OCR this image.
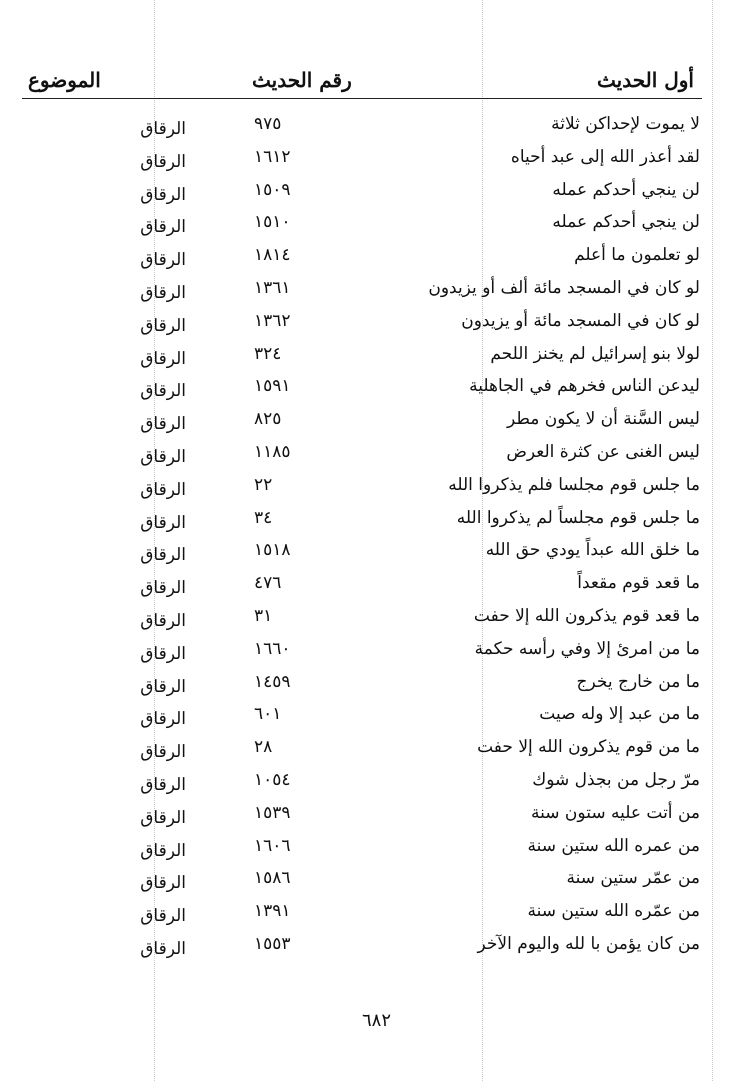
أول الحديث
رقم الحديث
الموضوع
لا يموت لإحداكن ثلاثة
٩٧٥
الرقاق
لقد أعذر الله إلى عبد أحياه
١٦١٢
الرقاق
لن ينجي أحدكم عمله
١٥٠٩
الرقاق
لن ينجي أحدكم عمله
١٥١٠
الرقاق
لو تعلمون ما أعلم
١٨١٤
الرقاق
لو كان في المسجد مائة ألف أو يزيدون
١٣٦١
الرقاق
لو كان في المسجد مائة أو يزيدون
١٣٦٢
الرقاق
لولا بنو إسرائيل لم يخنز اللحم
٣٢٤
الرقاق
ليدعن الناس فخرهم في الجاهلية
١٥٩١
الرقاق
ليس السَّنة أن لا يكون مطر
٨٢٥
الرقاق
ليس الغنى عن كثرة العرض
١١٨٥
الرقاق
ما جلس قوم مجلسا فلم يذكروا الله
٢٢
الرقاق
ما جلس قوم مجلساً لم يذكروا الله
٣٤
الرقاق
ما خلق الله عبداً يودي حق الله
١٥١٨
الرقاق
ما قعد قوم مقعداً
٤٧٦
الرقاق
ما قعد قوم يذكرون الله إلا حفت
٣١
الرقاق
ما من امرئ إلا وفي رأسه حكمة
١٦٦٠
الرقاق
ما من خارج يخرج
١٤٥٩
الرقاق
ما من عبد إلا وله صيت
٦٠١
الرقاق
ما من قوم يذكرون الله إلا حفت
٢٨
الرقاق
مرّ رجل من بجذل شوك
١٠٥٤
الرقاق
من أتت عليه ستون سنة
١٥٣٩
الرقاق
من عمره الله ستين سنة
١٦٠٦
الرقاق
من عمّر ستين سنة
١٥٨٦
الرقاق
من عمّره الله ستين سنة
١٣٩١
الرقاق
من كان يؤمن با لله واليوم الآخر
١٥٥٣
الرقاق
٦٨٢
